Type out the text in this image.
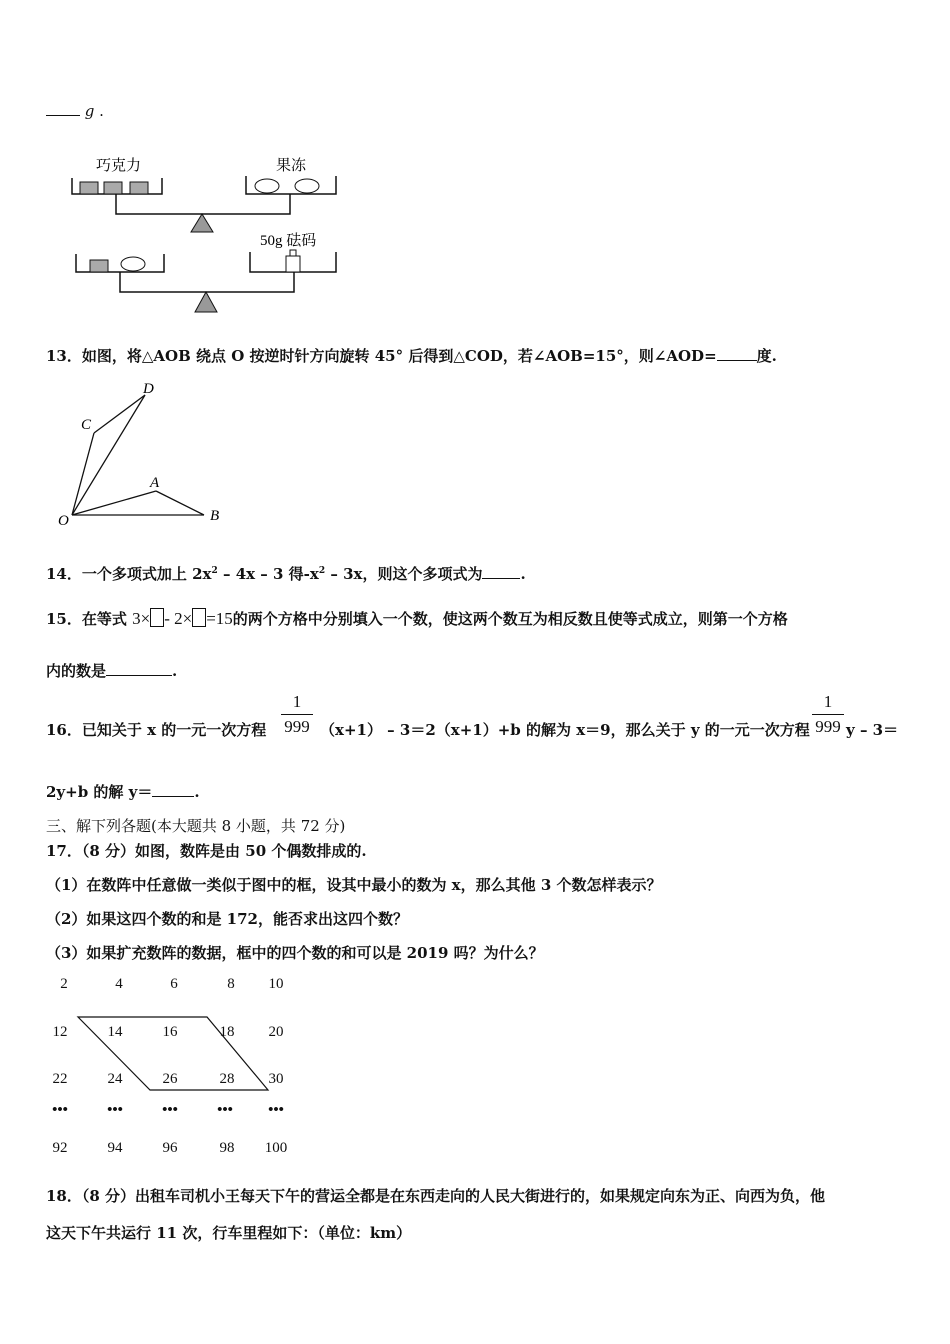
g .
巧克力	果冻
50g 砝码
13．如图，将△AOB 绕点 O 按逆时针方向旋转 45° 后得到△COD，若∠AOB=15°，则∠AOD=	度.
D
C
A
O	B
14．一个多项式加上 $2x^2 - 4x - 3$ 得$-x^2 - 3x$，则这个多项式为	.
15．在等式 3× - 2× =15的两个方格中分别填入一个数，使这两个数互为相反数且使等式成立，则第一个方格
内的数是	.
1
999
16．已知关于 x 的一元一次方程	（x+1） – 3＝2（x+1）+b 的解为 x＝9，那么关于 y 的一元一次方程
1
999 y – 3＝
2y+b 的解 y＝	.
三、解下列各题(本大题共 8 小题，共 72 分)
17．（8 分）如图，数阵是由 50 个偶数排成的.
（1）在数阵中任意做一类似于图中的框，设其中最小的数为 x，那么其他 3 个数怎样表示？
（2）如果这四个数的和是 172，能否求出这四个数？
（3）如果扩充数阵的数据，框中的四个数的和可以是 2019 吗？为什么？
2	4	6	8	10
12	14	16	18	20
22	24	26	28	30
•••	•••	•••	•••	•••
92	94	96	98	100
18．（8 分）出租车司机小王每天下午的营运全都是在东西走向的人民大街进行的，如果规定向东为正、向西为负，他
这天下午共运行 11 次，行车里程如下：（单位：km）
